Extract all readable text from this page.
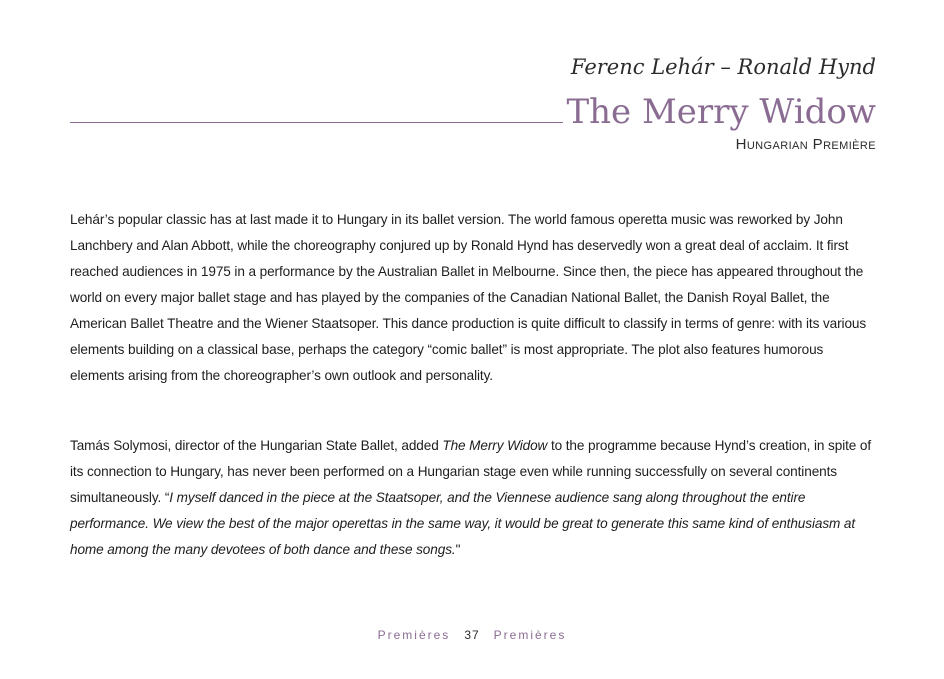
Ferenc Lehár – Ronald Hynd
The Merry Widow
Hungarian Première

Lehár’s popular classic has at last made it to Hungary in its ballet version. The world famous operetta music was reworked by John Lanchbery and Alan Abbott, while the choreography conjured up by Ronald Hynd has deservedly won a great deal of acclaim. It first reached audiences in 1975 in a performance by the Australian Ballet in Melbourne. Since then, the piece has appeared throughout the world on every major ballet stage and has played by the companies of the Canadian National Ballet, the Danish Royal Ballet, the American Ballet Theatre and the Wiener Staatsoper. This dance production is quite difficult to classify in terms of genre: with its various elements building on a classical base, perhaps the category “comic ballet” is most appropriate. The plot also features humorous elements arising from the choreographer’s own outlook and personality.

Tamás Solymosi, director of the Hungarian State Ballet, added The Merry Widow to the programme because Hynd’s creation, in spite of its connection to Hungary, has never been performed on a Hungarian stage even while running successfully on several continents simultaneously. “I myself danced in the piece at the Staatsoper, and the Viennese audience sang along throughout the entire performance. We view the best of the major operettas in the same way, it would be great to generate this same kind of enthusiasm at home among the many devotees of both dance and these songs."

Premières 37 Premières
